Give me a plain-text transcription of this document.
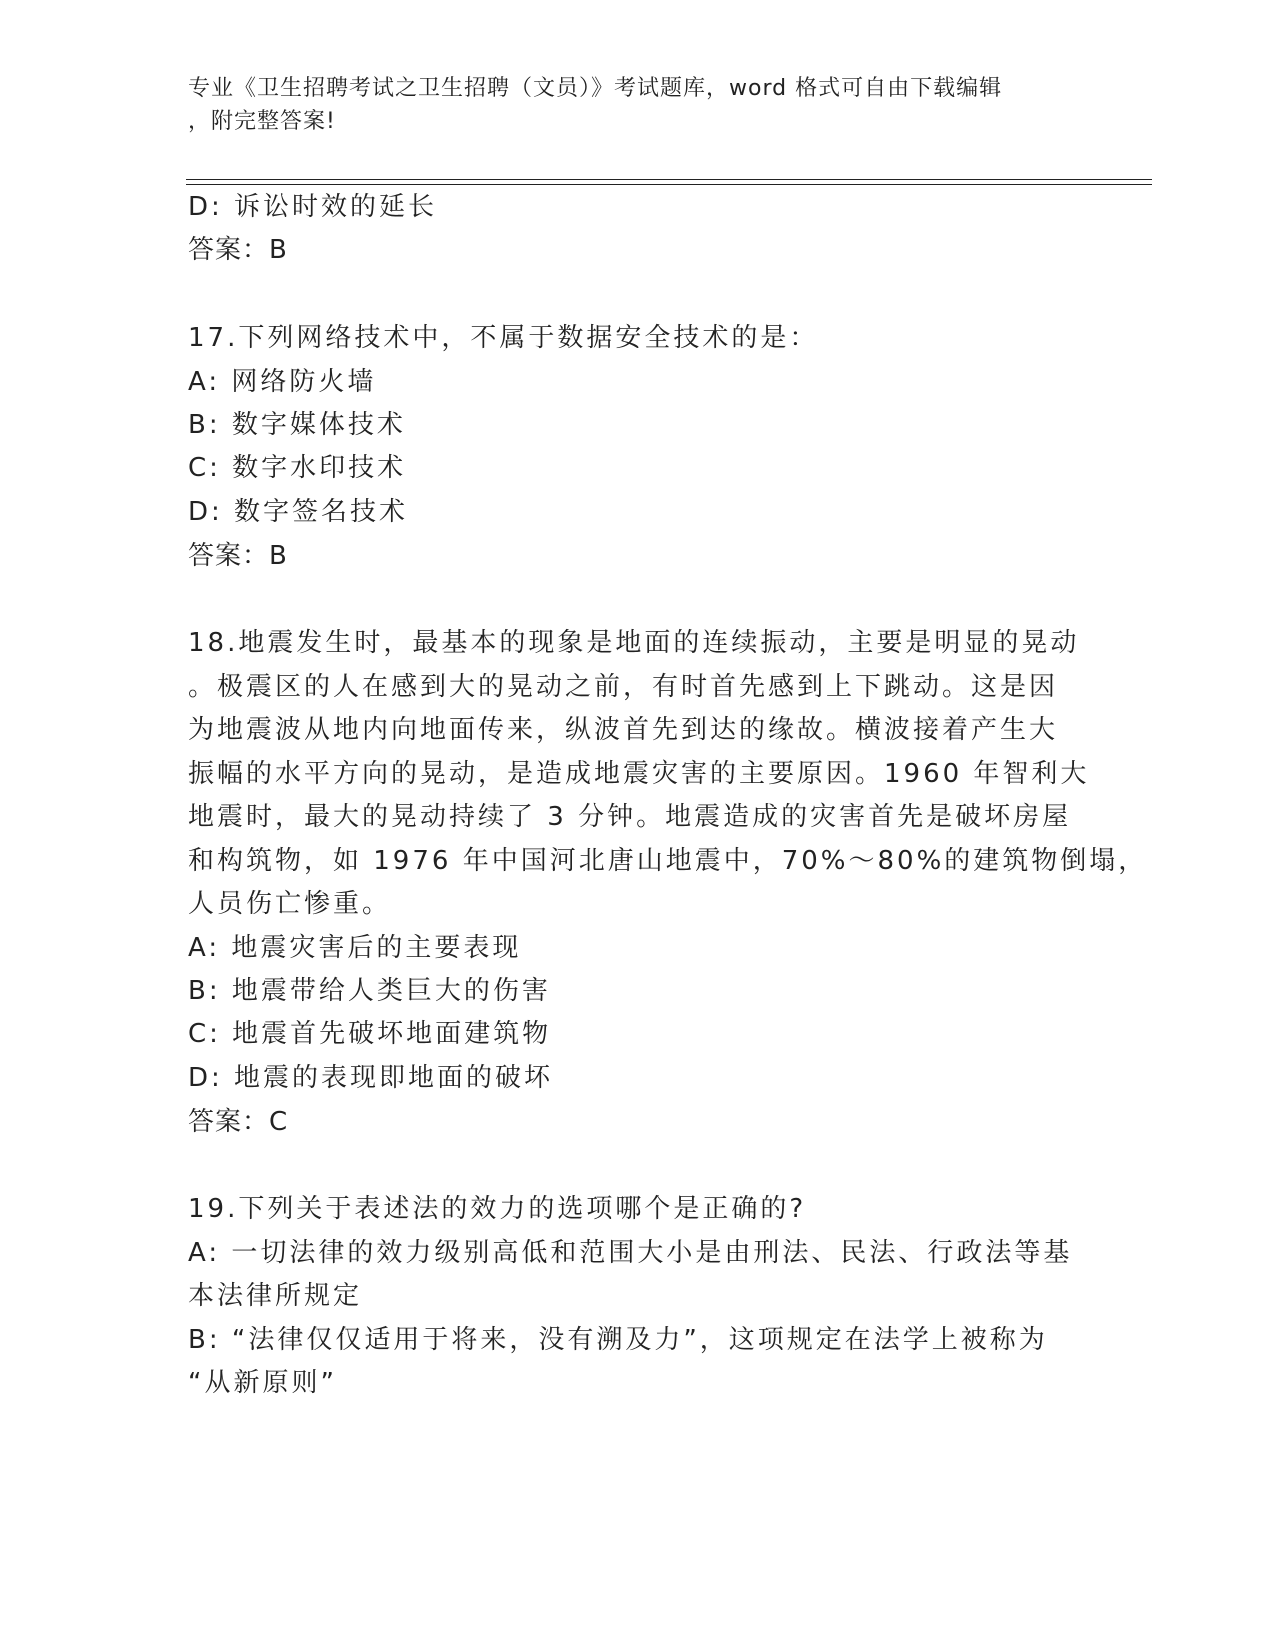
专业《卫生招聘考试之卫生招聘（文员）》考试题库，word 格式可自由下载编辑
，附完整答案!
D: 诉讼时效的延长
答案：B
17.下列网络技术中，不属于数据安全技术的是：
A: 网络防火墙
B: 数字媒体技术
C: 数字水印技术
D: 数字签名技术
答案：B
18.地震发生时，最基本的现象是地面的连续振动，主要是明显的晃动
。极震区的人在感到大的晃动之前，有时首先感到上下跳动。这是因
为地震波从地内向地面传来，纵波首先到达的缘故。横波接着产生大
振幅的水平方向的晃动，是造成地震灾害的主要原因。1960 年智利大
地震时，最大的晃动持续了 3 分钟。地震造成的灾害首先是破坏房屋
和构筑物，如 1976 年中国河北唐山地震中，70%～80%的建筑物倒塌，
人员伤亡惨重。
A: 地震灾害后的主要表现
B: 地震带给人类巨大的伤害
C: 地震首先破坏地面建筑物
D: 地震的表现即地面的破坏
答案：C
19.下列关于表述法的效力的选项哪个是正确的?
A: 一切法律的效力级别高低和范围大小是由刑法、民法、行政法等基
本法律所规定
B: “法律仅仅适用于将来，没有溯及力”，这项规定在法学上被称为
“从新原则”
